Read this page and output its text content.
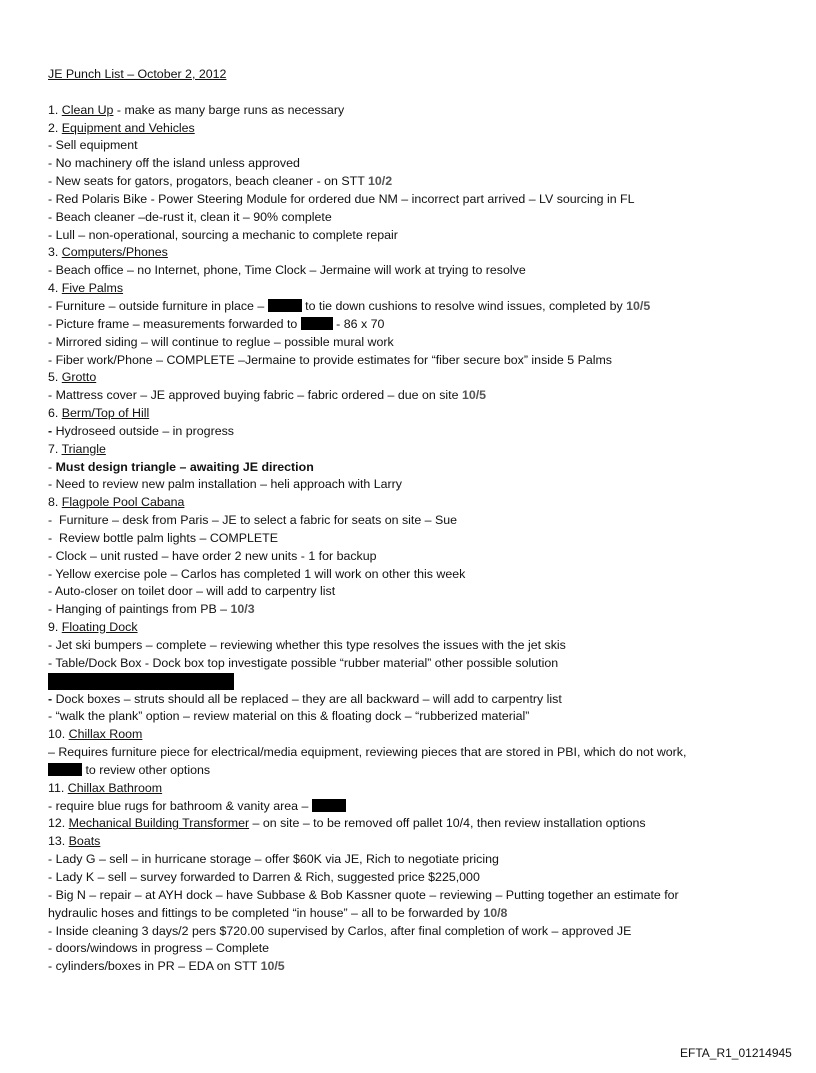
JE Punch List – October 2, 2012
1. Clean Up - make as many barge runs as necessary
2. Equipment and Vehicles
- Sell equipment
- No machinery off the island unless approved
- New seats for gators, progators, beach cleaner - on STT 10/2
- Red Polaris Bike - Power Steering Module for ordered due NM – incorrect part arrived – LV sourcing in FL
- Beach cleaner –de-rust it, clean it – 90% complete
- Lull – non-operational, sourcing a mechanic to complete repair
3. Computers/Phones
- Beach office – no Internet, phone, Time Clock – Jermaine will work at trying to resolve
4. Five Palms
- Furniture – outside furniture in place –	to tie down cushions to resolve wind issues, completed by 10/5
- Picture frame – measurements forwarded to	- 86 x 70
- Mirrored siding – will continue to reglue – possible mural work
- Fiber work/Phone – COMPLETE –Jermaine to provide estimates for “fiber secure box” inside 5 Palms
5. Grotto
- Mattress cover – JE approved buying fabric – fabric ordered – due on site 10/5
6. Berm/Top of Hill
- Hydroseed outside – in progress
7. Triangle
- Must design triangle – awaiting JE direction
- Need to review new palm installation – heli approach with Larry
8. Flagpole Pool Cabana
-  Furniture – desk from Paris – JE to select a fabric for seats on site – Sue
-  Review bottle palm lights – COMPLETE
- Clock – unit rusted – have order 2 new units - 1 for backup
- Yellow exercise pole – Carlos has completed 1 will work on other this week
- Auto-closer on toilet door – will add to carpentry list
- Hanging of paintings from PB – 10/3
9. Floating Dock
- Jet ski bumpers – complete – reviewing whether this type resolves the issues with the jet skis
- Table/Dock Box - Dock box top investigate possible “rubber material” other possible solution
- Dock boxes – struts should all be replaced – they are all backward – will add to carpentry list
- “walk the plank” option – review material on this & floating dock – “rubberized material”
10. Chillax Room
– Requires furniture piece for electrical/media equipment, reviewing pieces that are stored in PBI, which do not work,
to review other options
11. Chillax Bathroom
- require blue rugs for bathroom & vanity area –
12. Mechanical Building Transformer – on site – to be removed off pallet 10/4, then review installation options
13. Boats
- Lady G – sell – in hurricane storage – offer $60K via JE, Rich to negotiate pricing
- Lady K – sell – survey forwarded to Darren & Rich, suggested price $225,000
- Big N – repair – at AYH dock – have Subbase & Bob Kassner quote – reviewing – Putting together an estimate for
hydraulic hoses and fittings to be completed “in house” – all to be forwarded by 10/8
- Inside cleaning 3 days/2 pers $720.00 supervised by Carlos, after final completion of work – approved JE
- doors/windows in progress – Complete
- cylinders/boxes in PR – EDA on STT 10/5
EFTA_R1_01214945
